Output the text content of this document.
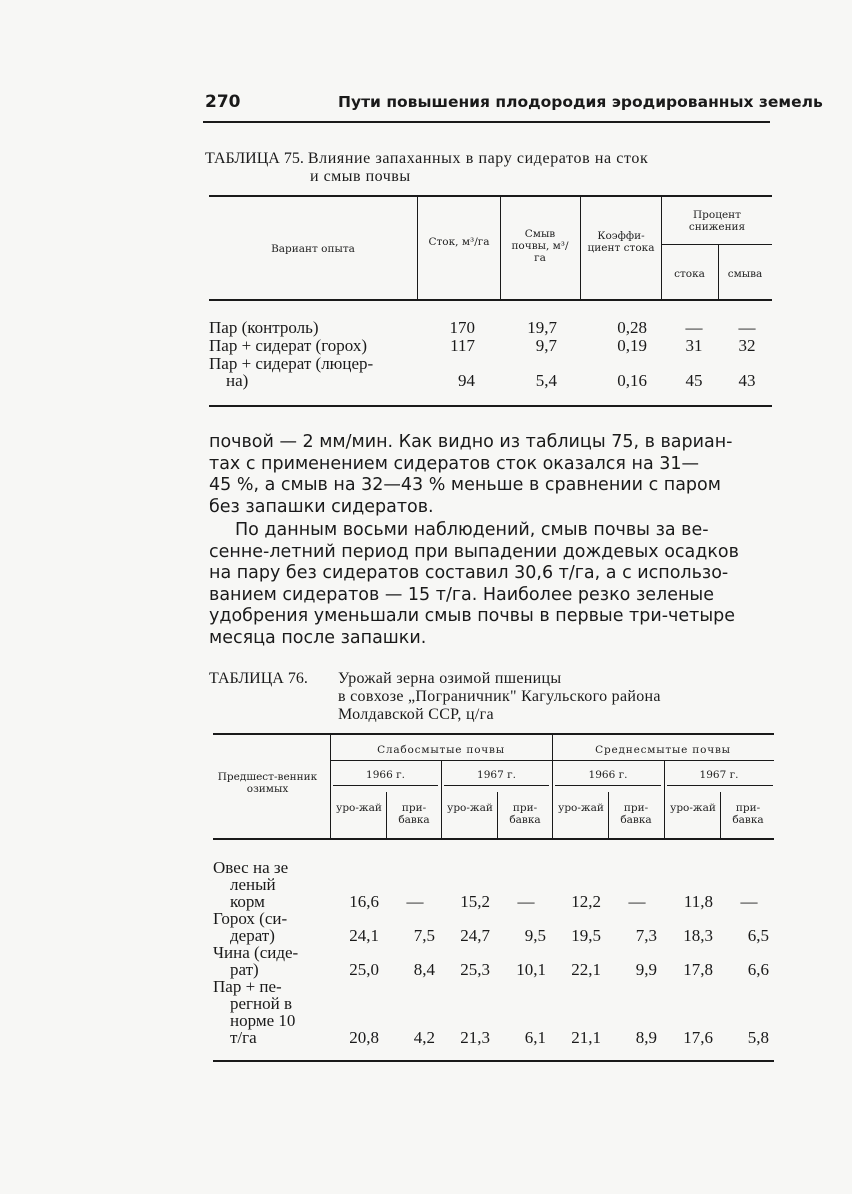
270	Пути повышения плодородия эродированных земель
ТАБЛИЦА 75. Влияние запаханных в пару сидератов на сток
и смыв почвы
Вариант опыта
Сток, м³/га
Смыв почвы, м³/га
Коэффи-циент стока
Процент снижения
стока	смыва
Пар (контроль)	170	19,7	0,28	—	—
Пар + сидерат (горох)	117	9,7	0,19	31	32
Пар + сидерат (люцер-
на)	94	5,4	0,16	45	43
почвой — 2 мм/мин. Как видно из таблицы 75, в вариан-
тах с применением сидератов сток оказался на 31—
45 %, а смыв на 32—43 % меньше в сравнении с паром
без запашки сидератов.
По данным восьми наблюдений, смыв почвы за ве-
сенне-летний период при выпадении дождевых осадков
на пару без сидератов составил 30,6 т/га, а с использо-
ванием сидератов — 15 т/га. Наиболее резко зеленые
удобрения уменьшали смыв почвы в первые три-четыре
месяца после запашки.
ТАБЛИЦА 76. Урожай зерна озимой пшеницы
в совхозе „Пограничник" Кагульского района
Молдавской ССР, ц/га
Предшест-венник озимых
Слабосмытые почвы	Среднесмытые почвы
1966 г.	1967 г.	1966 г.	1967 г.
уро-жай	при-бавка
уро-жай	при-бавка
уро-жай	при-бавка
уро-жай	при-бавка
Овес на зе
леный
корм	16,6	—	15,2	—	12,2	—	11,8	—
Горох (си-
дерат)	24,1	7,5	24,7	9,5	19,5	7,3	18,3	6,5
Чина (сиде-
рат)	25,0	8,4	25,3	10,1	22,1	9,9	17,8	6,6
Пар + пе-
регной в
норме 10
т/га	20,8	4,2	21,3	6,1	21,1	8,9	17,6	5,8
